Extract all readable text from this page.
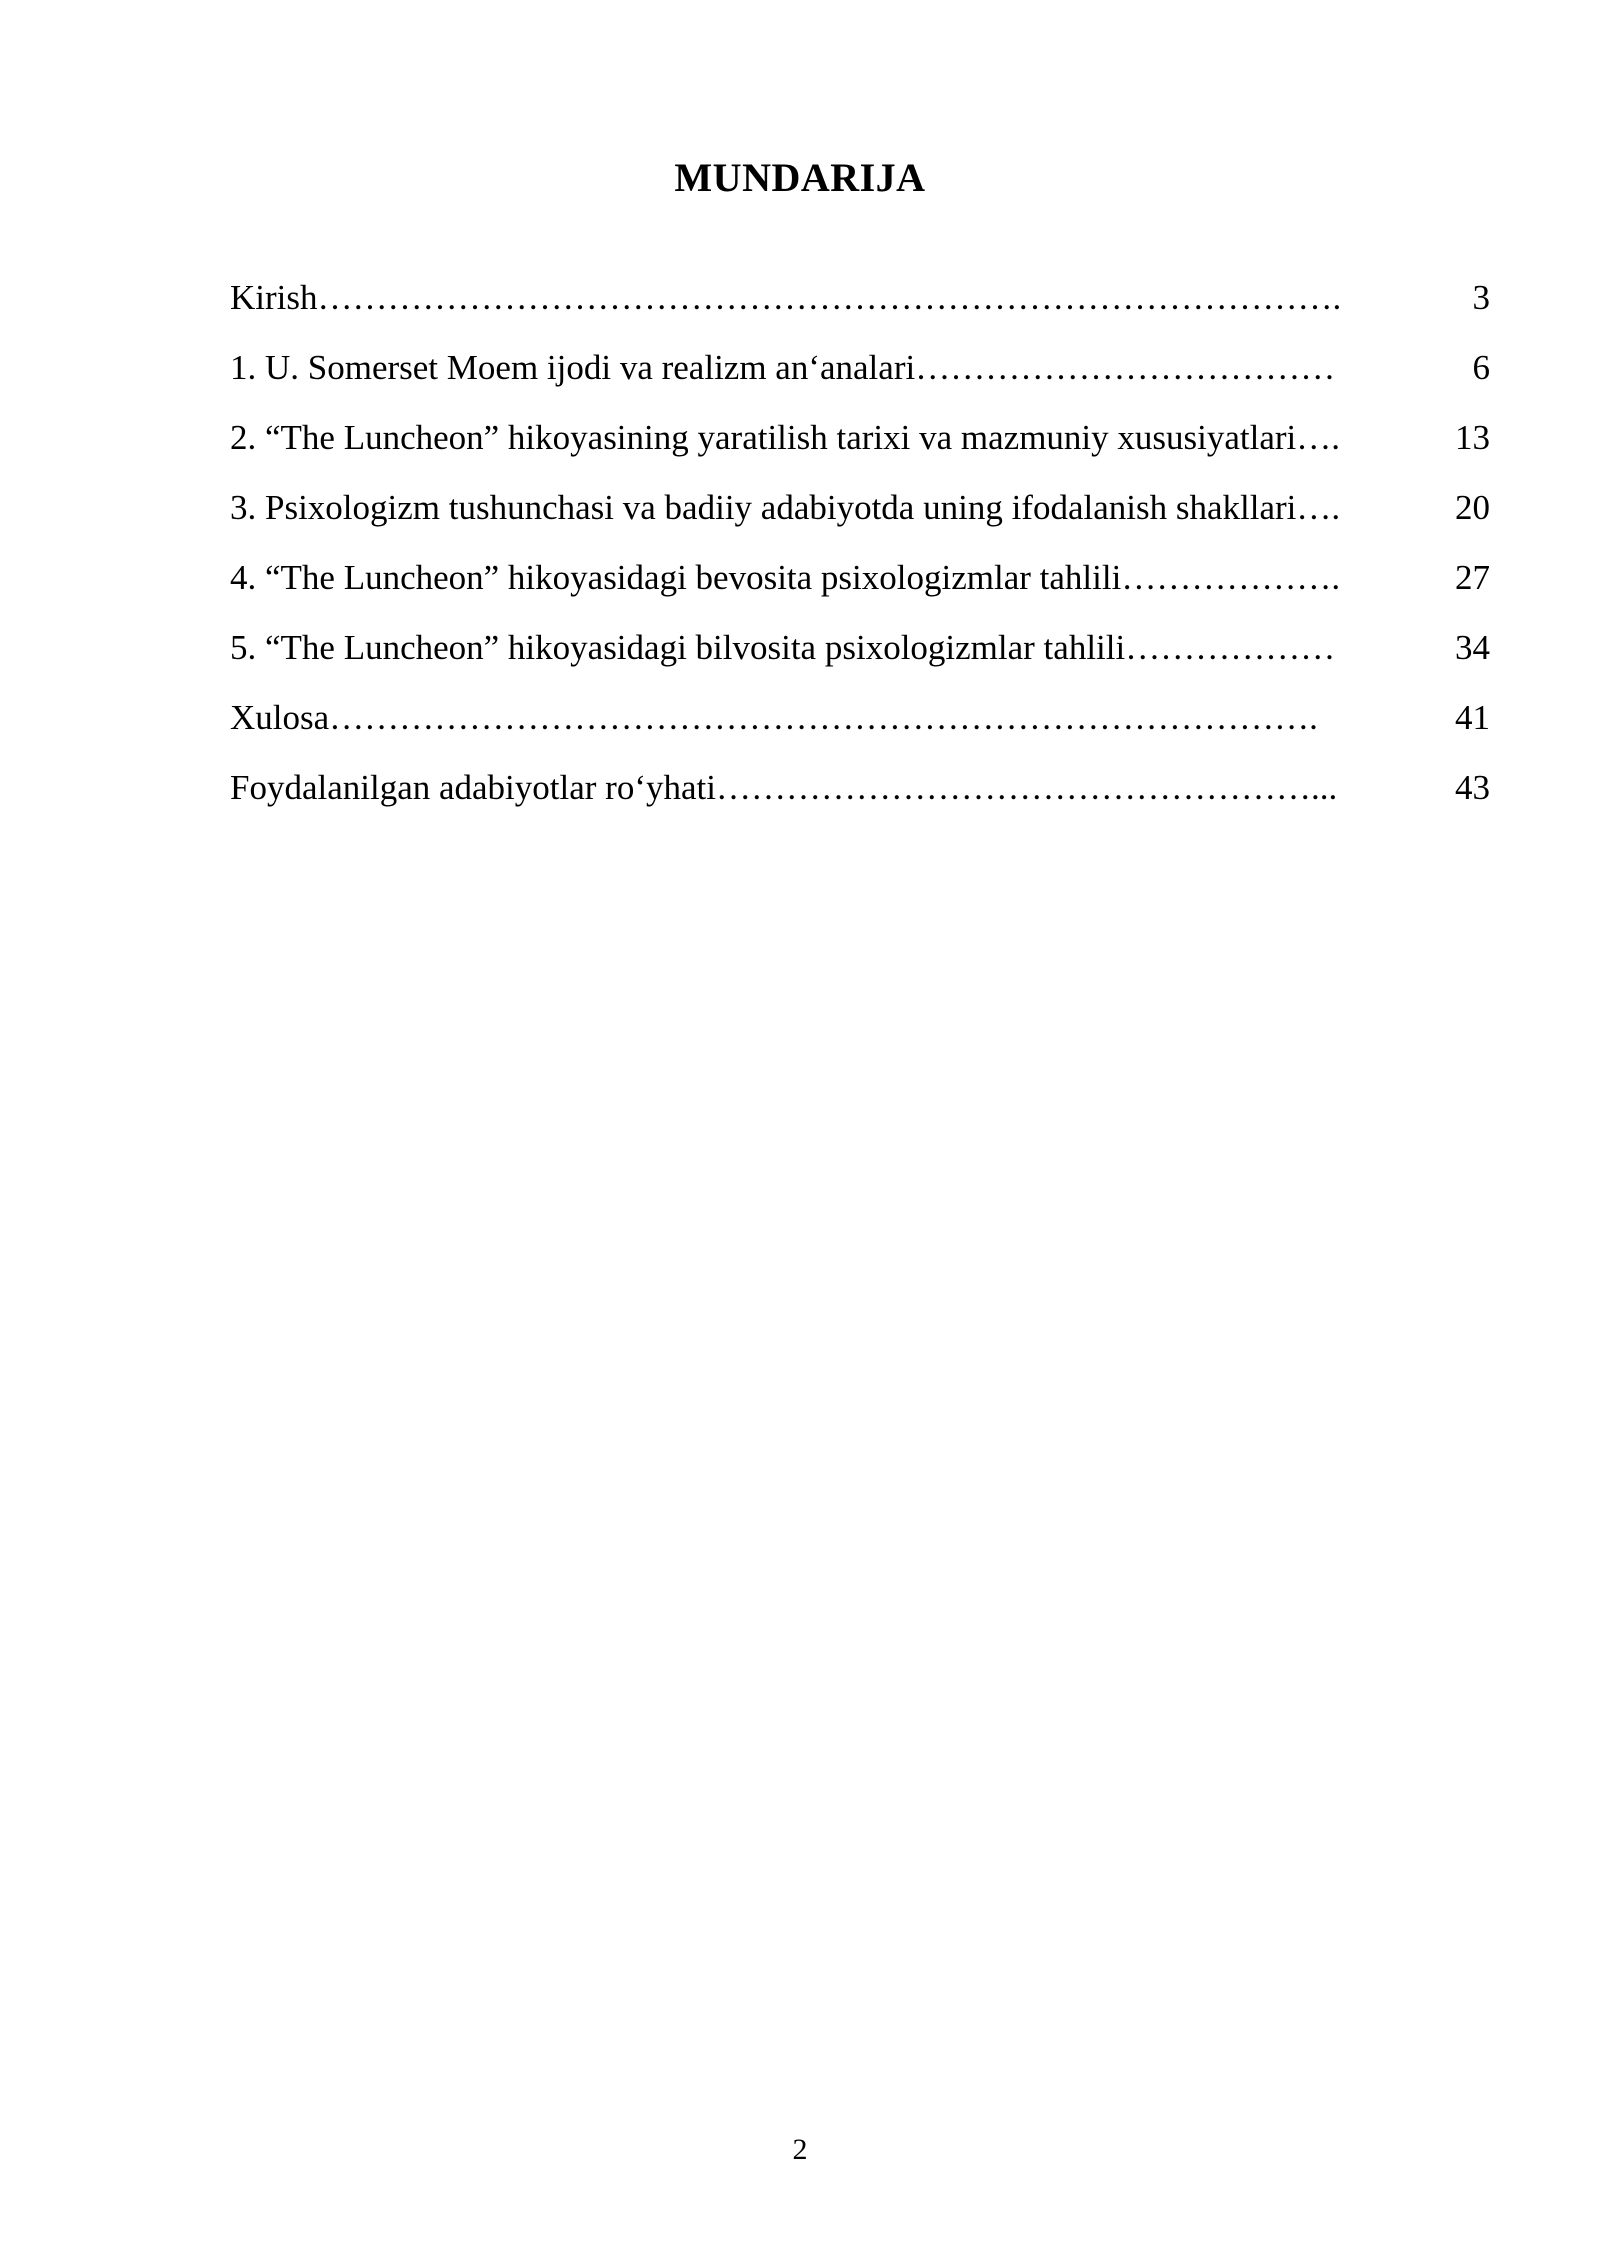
MUNDARIJA
Kirish…………………………………………………………………………….	3
1. U. Somerset Moem ijodi va realizm an‘analari………………………………	6
2. “The Luncheon” hikoyasining yaratilish tarixi va mazmuniy xususiyatlari….	13
3. Psixologizm tushunchasi va badiiy adabiyotda uning ifodalanish shakllari….	20
4. “The Luncheon” hikoyasidagi bevosita psixologizmlar tahlili……………….	27
5. “The Luncheon” hikoyasidagi bilvosita psixologizmlar tahlili………………	34
Xulosa………………………………………………………………………….	41
Foydalanilgan adabiyotlar ro‘yhati……………………………………………...	43
2
